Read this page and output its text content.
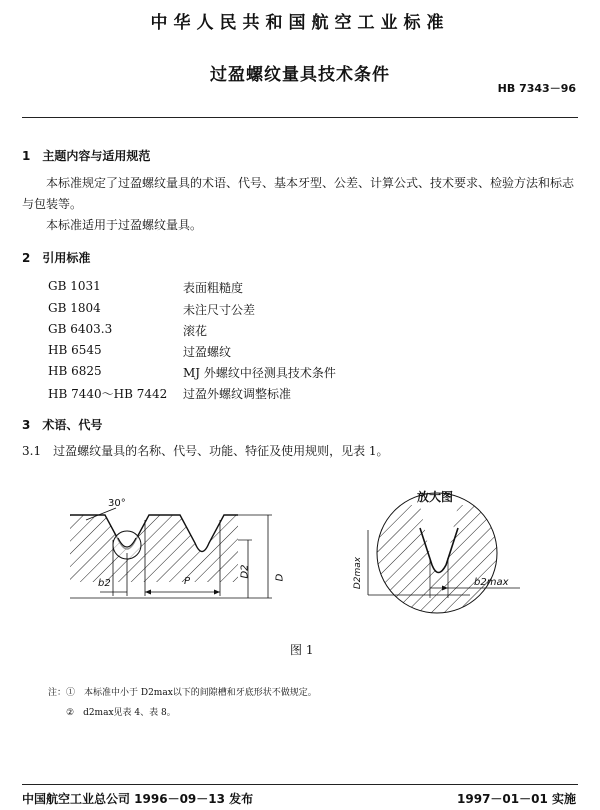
中华人民共和国航空工业标准
过盈螺纹量具技术条件
HB 7343－96
1　主题内容与适用规范
本标准规定了过盈螺纹量具的术语、代号、基本牙型、公差、计算公式、技术要求、检验方法和标志与包装等。
本标准适用于过盈螺纹量具。
2　引用标准
GB 1031	表面粗糙度
GB 1804	未注尺寸公差
GB 6403.3	滚花
HB 6545	过盈螺纹
HB 6825	MJ 外螺纹中径测具技术条件
HB 7440～HB 7442 过盈外螺纹调整标准
3　术语、代号
3.1　过盈螺纹量具的名称、代号、功能、特征及使用规则，见表 1。
30°
b2	P
D2 D
放大图
D2max	b2max
图 1
注：①　本标准中小于 D2max以下的间隙槽和牙底形状不做规定。
②　d2max见表 4、表 8。
中国航空工业总公司 1996－09－13 发布	1997－01－01 实施
